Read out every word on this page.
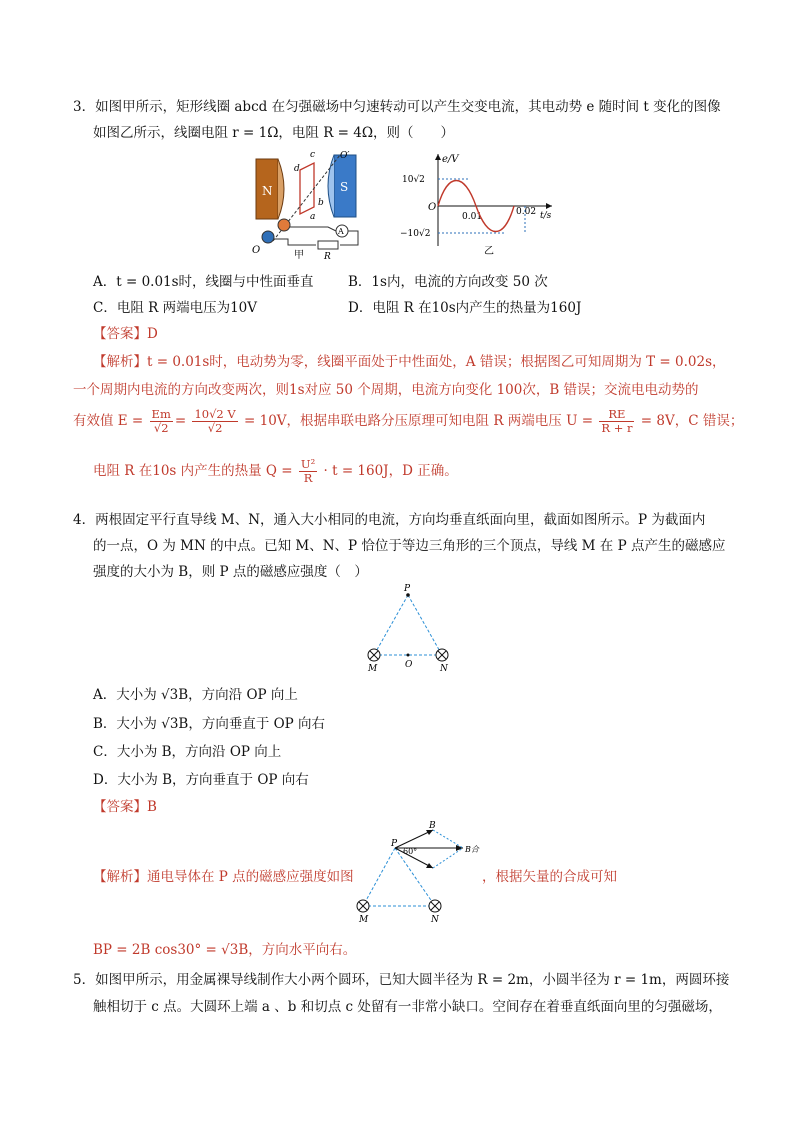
3．如图甲所示，矩形线圈 abcd 在匀强磁场中匀速转动可以产生交变电流，其电动势 e 随时间 t 变化的图像
如图乙所示，线圈电阻 r = 1Ω，电阻 R = 4Ω，则（　　）
N	S
O′
c
d
b
a
O
A
R
甲
e/V
10√2
−10√2
O
0.01	0.02 t/s
乙
A．t = 0.01s时，线圈与中性面垂直	B．1s内，电流的方向改变 50 次
C．电阻 R 两端电压为10V	D．电阻 R 在10s内产生的热量为160J
【答案】D
【解析】t = 0.01s时，电动势为零，线圈平面处于中性面处，A 错误；根据图乙可知周期为 T = 0.02s，
一个周期内电流的方向改变两次，则1s对应 50 个周期，电流方向变化 100次，B 错误；交流电电动势的
有效值 $E = \frac{Em}{√2} = \frac{10√2 V}{√2} = 10V$，根据串联电路分压原理可知电阻 R 两端电压 $U = \frac{RE}{R + r} = 8V$，C 错误；
电阻 R 在10s 内产生的热量 $Q = \frac{\text{U²}}{R} \cdot t = 160J$，D 正确。
4．两根固定平行直导线 M、N，通入大小相同的电流，方向均垂直纸面向里，截面如图所示。P 为截面内
的一点，O 为 MN 的中点。已知 M、N、P 恰位于等边三角形的三个顶点，导线 M 在 P 点产生的磁感应
强度的大小为 B，则 P 点的磁感应强度（　）
P
M	O	N
A．大小为 √3B，方向沿 OP 向上
B．大小为 √3B，方向垂直于 OP 向右
C．大小为 B，方向沿 OP 向上
D．大小为 B，方向垂直于 OP 向右
【答案】B
【解析】通电导体在 P 点的磁感应强度如图
P
B
60°	B合
M	N
，根据矢量的合成可知
BP = 2B cos30° = √3B，方向水平向右。
5．如图甲所示，用金属裸导线制作大小两个圆环，已知大圆半径为 R = 2m，小圆半径为 r = 1m，两圆环接
触相切于 c 点。大圆环上端 a 、b 和切点 c 处留有一非常小缺口。空间存在着垂直纸面向里的匀强磁场，
